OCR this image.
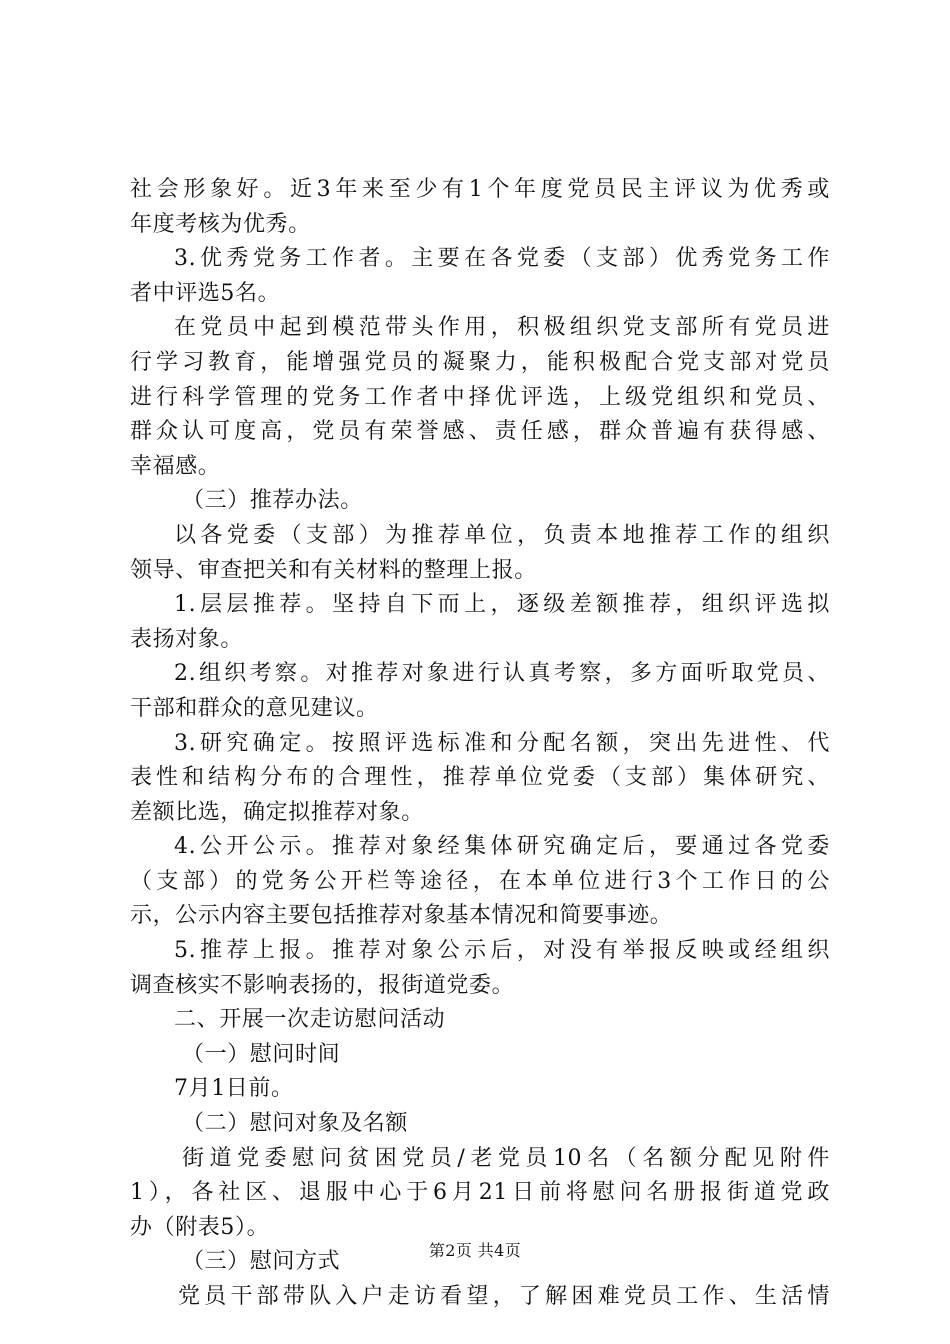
社会形象好。近3年来至少有1个年度党员民主评议为优秀或
年度考核为优秀。
3.优秀党务工作者。主要在各党委（支部）优秀党务工作
者中评选5名。
在党员中起到模范带头作用，积极组织党支部所有党员进
行学习教育，能增强党员的凝聚力，能积极配合党支部对党员
进行科学管理的党务工作者中择优评选，上级党组织和党员、
群众认可度高，党员有荣誉感、责任感，群众普遍有获得感、
幸福感。
（三）推荐办法。
以各党委（支部）为推荐单位，负责本地推荐工作的组织
领导、审查把关和有关材料的整理上报。
1.层层推荐。坚持自下而上，逐级差额推荐，组织评选拟
表扬对象。
2.组织考察。对推荐对象进行认真考察，多方面听取党员、
干部和群众的意见建议。
3.研究确定。按照评选标准和分配名额，突出先进性、代
表性和结构分布的合理性，推荐单位党委（支部）集体研究、
差额比选，确定拟推荐对象。
4.公开公示。推荐对象经集体研究确定后，要通过各党委
（支部）的党务公开栏等途径，在本单位进行3个工作日的公
示，公示内容主要包括推荐对象基本情况和简要事迹。
5.推荐上报。推荐对象公示后，对没有举报反映或经组织
调查核实不影响表扬的，报街道党委。
二、开展一次走访慰问活动
（一）慰问时间
7月1日前。
（二）慰问对象及名额
街道党委慰问贫困党员/老党员10名（名额分配见附件
1），各社区、退服中心于6月21日前将慰问名册报街道党政
办（附表5）。
（三）慰问方式
党员干部带队入户走访看望，了解困难党员工作、生活情
第2页 共4页
